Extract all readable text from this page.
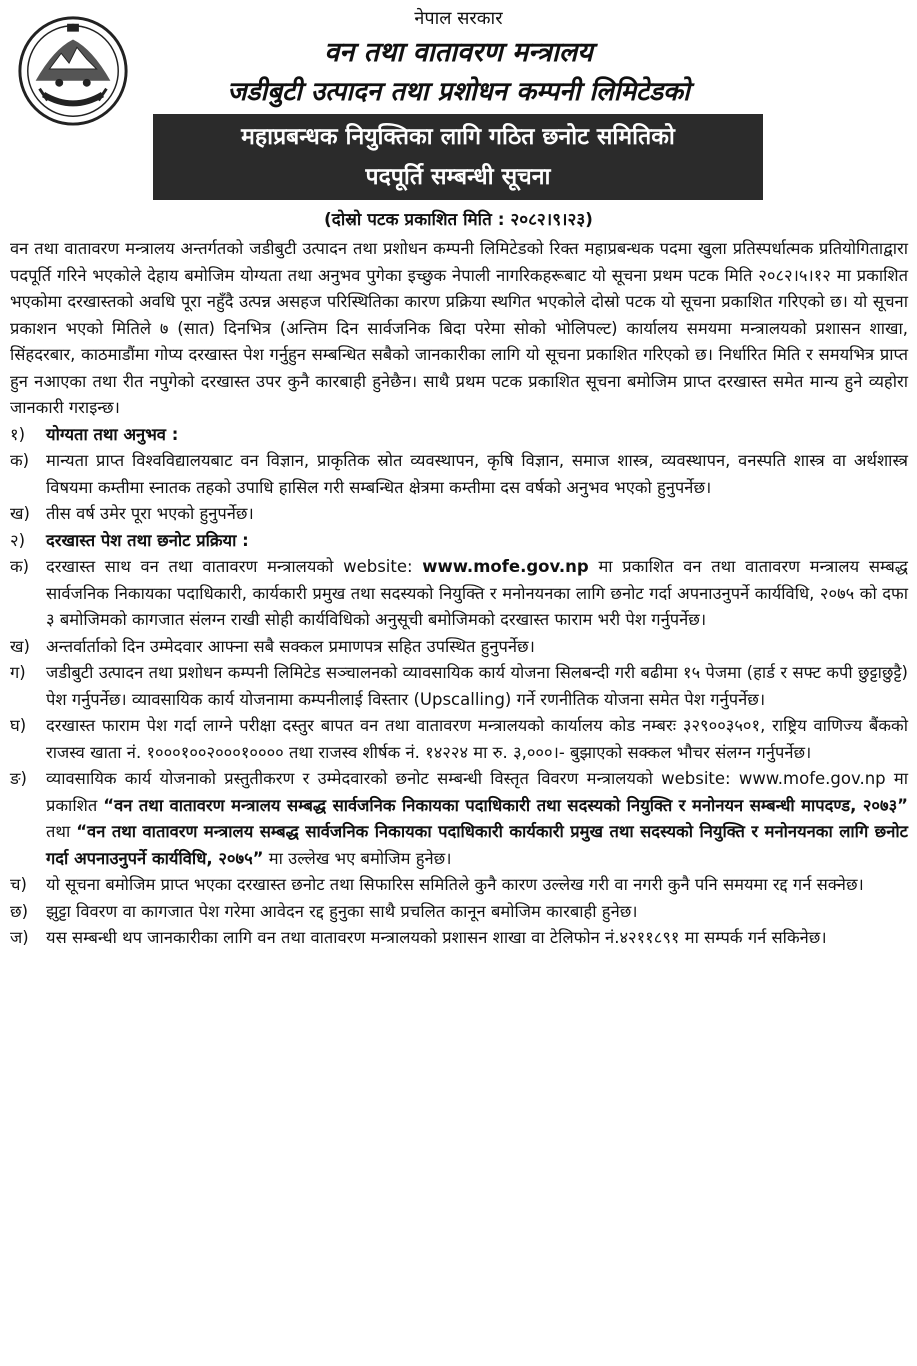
नेपाल सरकार
वन तथा वातावरण मन्त्रालय
जडीबुटी उत्पादन तथा प्रशोधन कम्पनी लिमिटेडको
महाप्रबन्धक नियुक्तिका लागि गठित छनोट समितिको
पदपूर्ति सम्बन्धी सूचना
(दोस्रो पटक प्रकाशित मिति : २०८२।९।२३)

वन तथा वातावरण मन्त्रालय अन्तर्गतको जडीबुटी उत्पादन तथा प्रशोधन कम्पनी लिमिटेडको रिक्त महाप्रबन्धक पदमा खुला प्रतिस्पर्धात्मक प्रतियोगिताद्वारा पदपूर्ति गरिने भएकोले देहाय बमोजिम योग्यता तथा अनुभव पुगेका इच्छुक नेपाली नागरिकहरूबाट यो सूचना प्रथम पटक मिति २०८२।५।१२ मा प्रकाशित भएकोमा दरखास्तको अवधि पूरा नहुँदै उत्पन्न असहज परिस्थितिका कारण प्रक्रिया स्थगित भएकोले दोस्रो पटक यो सूचना प्रकाशित गरिएको छ। यो सूचना प्रकाशन भएको मितिले ७ (सात) दिनभित्र (अन्तिम दिन सार्वजनिक बिदा परेमा सोको भोलिपल्ट) कार्यालय समयमा मन्त्रालयको प्रशासन शाखा, सिंहदरबार, काठमाडौंमा गोप्य दरखास्त पेश गर्नुहुन सम्बन्धित सबैको जानकारीका लागि यो सूचना प्रकाशित गरिएको छ। निर्धारित मिति र समयभित्र प्राप्त हुन नआएका तथा रीत नपुगेको दरखास्त उपर कुनै कारबाही हुनेछैन। साथै प्रथम पटक प्रकाशित सूचना बमोजिम प्राप्त दरखास्त समेत मान्य हुने व्यहोरा जानकारी गराइन्छ।

१) योग्यता तथा अनुभव :
क)	मान्यता प्राप्त विश्वविद्यालयबाट वन विज्ञान, प्राकृतिक स्रोत व्यवस्थापन, कृषि विज्ञान, समाज शास्त्र, व्यवस्थापन, वनस्पति शास्त्र वा अर्थशास्त्र विषयमा कम्तीमा स्नातक तहको उपाधि हासिल गरी सम्बन्धित क्षेत्रमा कम्तीमा दस वर्षको अनुभव भएको हुनुपर्नेछ।
ख) तीस वर्ष उमेर पूरा भएको हुनुपर्नेछ।
२) दरखास्त पेश तथा छनोट प्रक्रिया :
क)	दरखास्त साथ वन तथा वातावरण मन्त्रालयको website: www.mofe.gov.np मा प्रकाशित वन तथा वातावरण मन्त्रालय सम्बद्ध सार्वजनिक निकायका पदाधिकारी, कार्यकारी प्रमुख तथा सदस्यको नियुक्ति र मनोनयनका लागि छनोट गर्दा अपनाउनुपर्ने कार्यविधि, २०७५ को दफा ३ बमोजिमको कागजात संलग्न राखी सोही कार्यविधिको अनुसूची बमोजिमको दरखास्त फाराम भरी पेश गर्नुपर्नेछ।
ख) अन्तर्वार्ताको दिन उम्मेदवार आफ्ना सबै सक्कल प्रमाणपत्र सहित उपस्थित हुनुपर्नेछ।
ग)	जडीबुटी उत्पादन तथा प्रशोधन कम्पनी लिमिटेड सञ्चालनको व्यावसायिक कार्य योजना सिलबन्दी गरी बढीमा १५ पेजमा (हार्ड र सफ्ट कपी छुट्टाछुट्टै) पेश गर्नुपर्नेछ। व्यावसायिक कार्य योजनामा कम्पनीलाई विस्तार (Upscalling) गर्ने रणनीतिक योजना समेत पेश गर्नुपर्नेछ।
घ)	दरखास्त फाराम पेश गर्दा लाग्ने परीक्षा दस्तुर बापत वन तथा वातावरण मन्त्रालयको कार्यालय कोड नम्बरः ३२९००३५०१, राष्ट्रिय वाणिज्य बैंकको राजस्व खाता नं. १०००१००२०००१०००० तथा राजस्व शीर्षक नं. १४२२४ मा रु. ३,०००।- बुझाएको सक्कल भौचर संलग्न गर्नुपर्नेछ।
ङ)	व्यावसायिक कार्य योजनाको प्रस्तुतीकरण र उम्मेदवारको छनोट सम्बन्धी विस्तृत विवरण मन्त्रालयको website: www.mofe.gov.np मा प्रकाशित “वन तथा वातावरण मन्त्रालय सम्बद्ध सार्वजनिक निकायका पदाधिकारी तथा सदस्यको नियुक्ति र मनोनयन सम्बन्धी मापदण्ड, २०७३” तथा “वन तथा वातावरण मन्त्रालय सम्बद्ध सार्वजनिक निकायका पदाधिकारी कार्यकारी प्रमुख तथा सदस्यको नियुक्ति र मनोनयनका लागि छनोट गर्दा अपनाउनुपर्ने कार्यविधि, २०७५” मा उल्लेख भए बमोजिम हुनेछ।
च)	यो सूचना बमोजिम प्राप्त भएका दरखास्त छनोट तथा सिफारिस समितिले कुनै कारण उल्लेख गरी वा नगरी कुनै पनि समयमा रद्द गर्न सक्नेछ।
छ)	झुट्टा विवरण वा कागजात पेश गरेमा आवेदन रद्द हुनुका साथै प्रचलित कानून बमोजिम कारबाही हुनेछ।
ज)	यस सम्बन्धी थप जानकारीका लागि वन तथा वातावरण मन्त्रालयको प्रशासन शाखा वा टेलिफोन नं.४२११८९१ मा सम्पर्क गर्न सकिनेछ।
